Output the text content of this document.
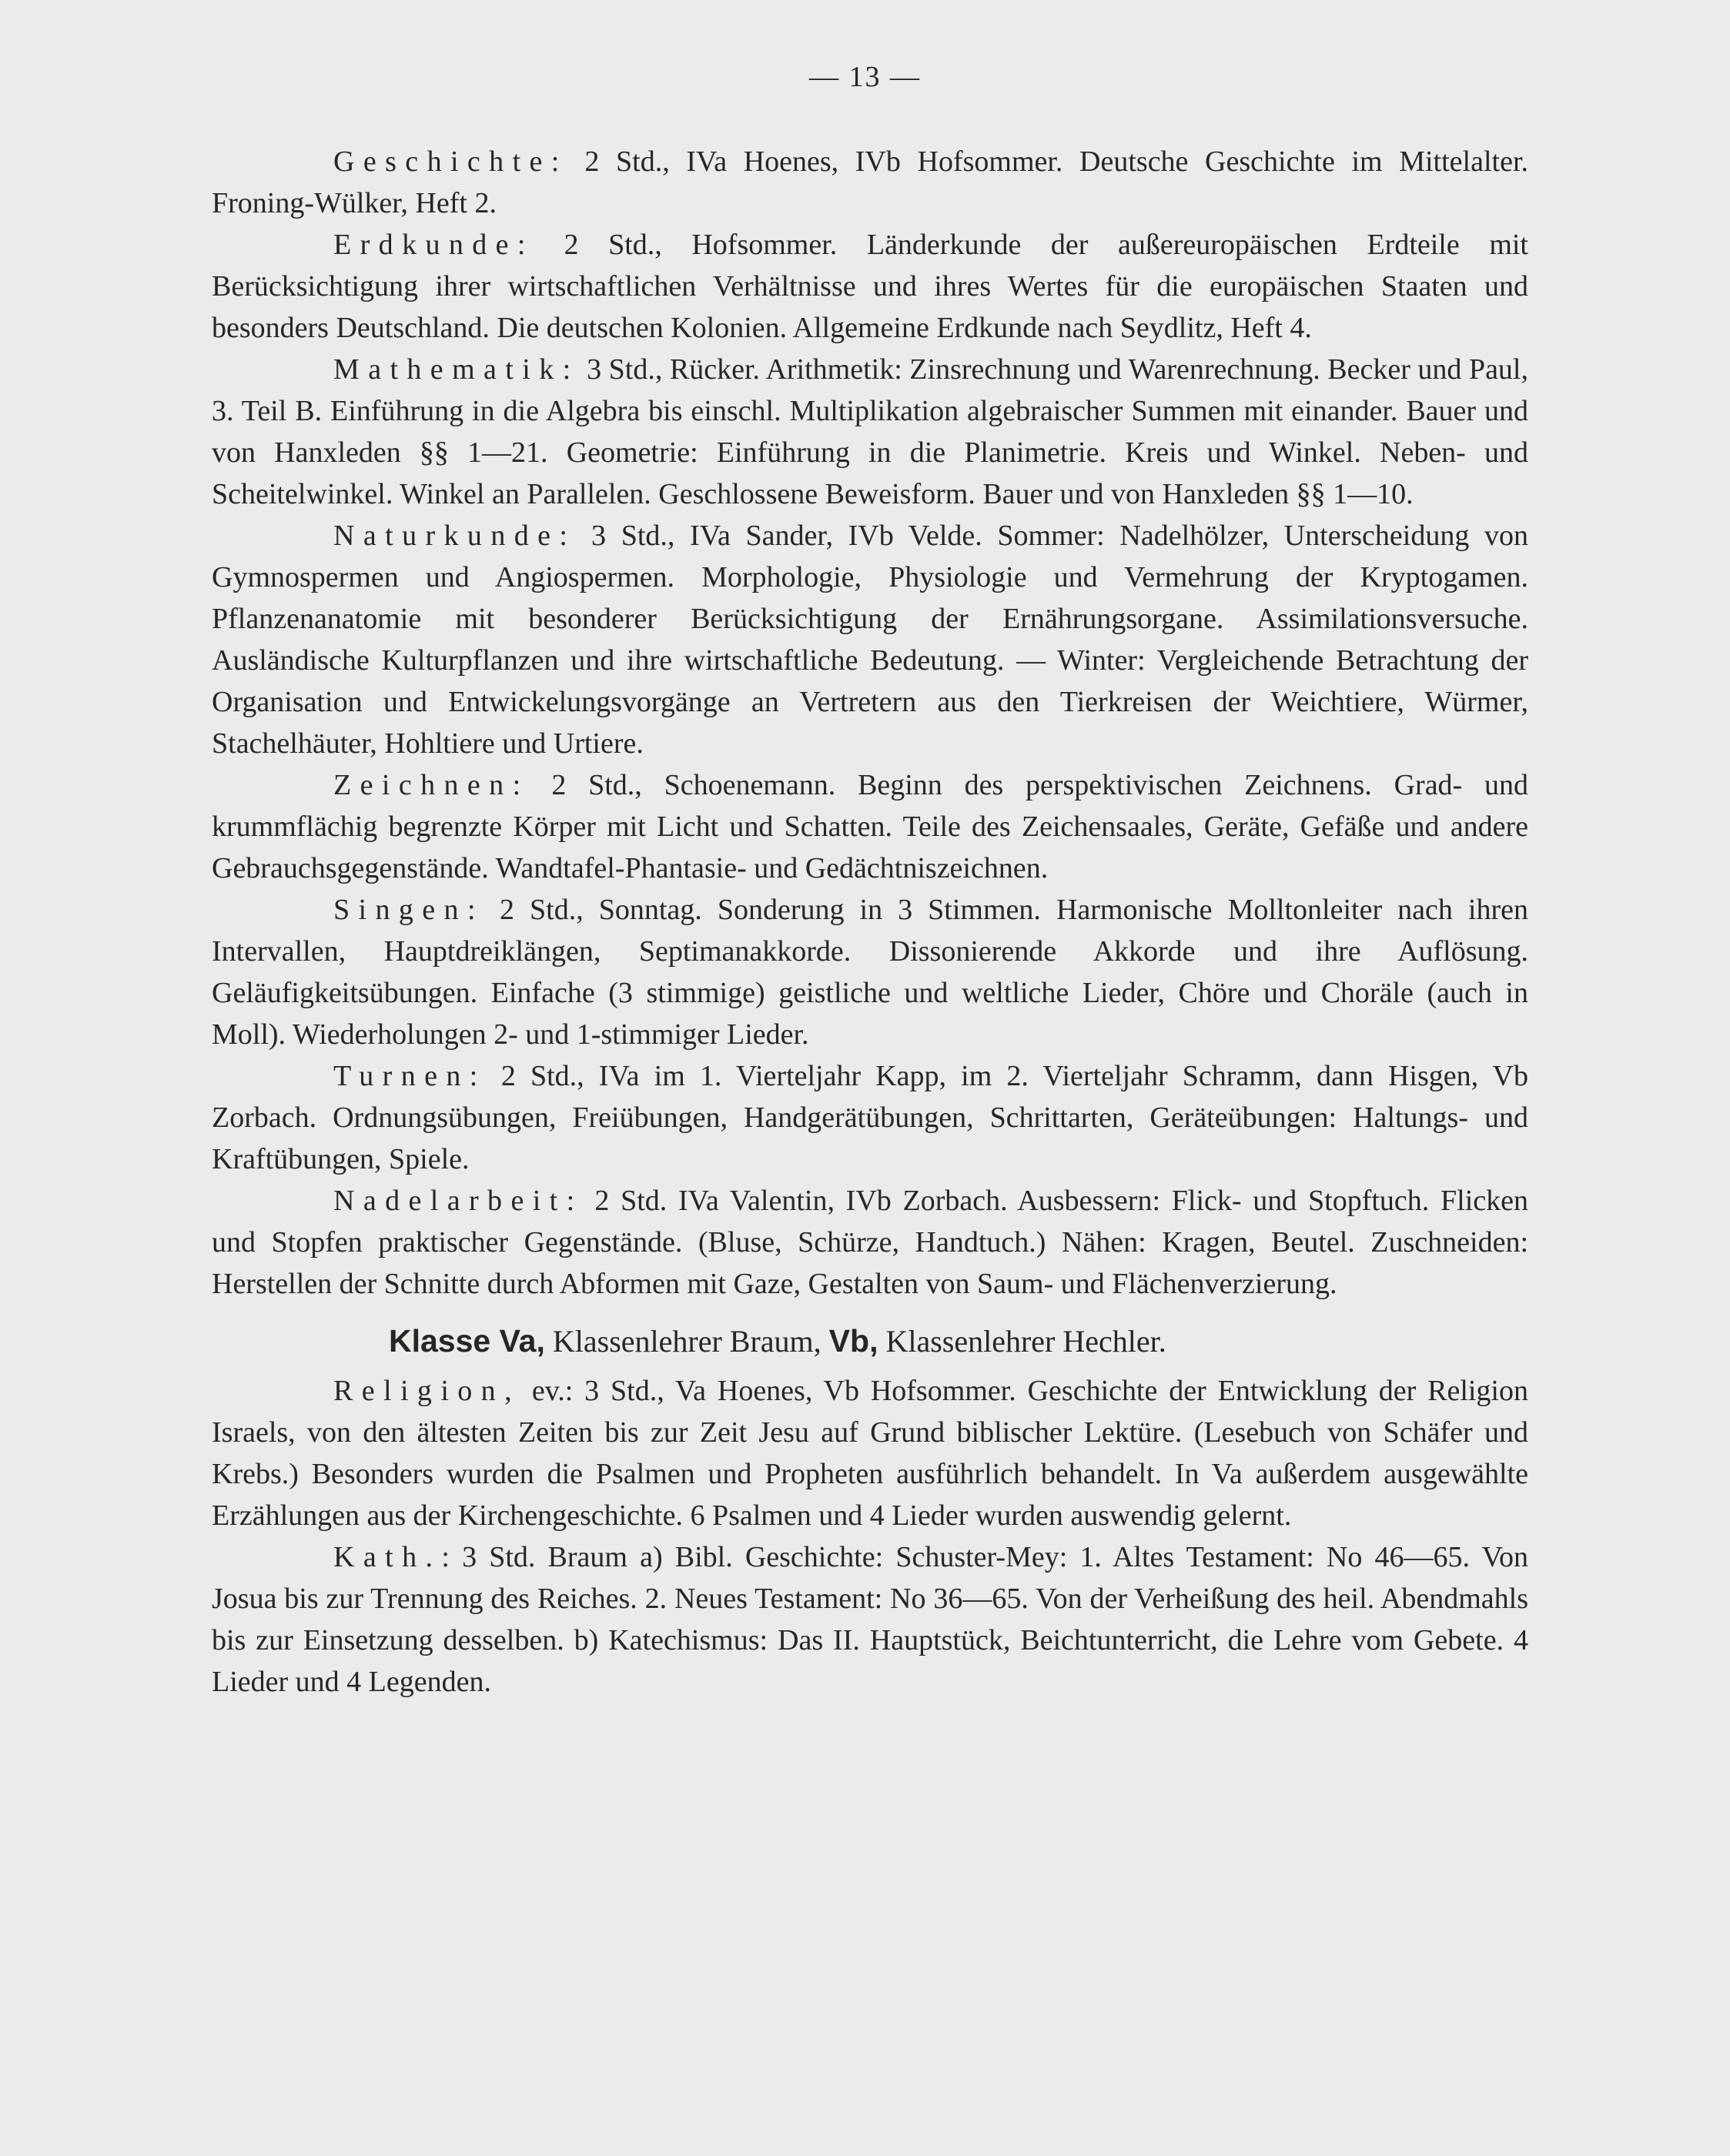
— 13 —

Geschichte: 2 Std., IVa Hoenes, IVb Hofsommer. Deutsche Geschichte im Mittelalter. Froning-Wülker, Heft 2.

Erdkunde: 2 Std., Hofsommer. Länderkunde der außereuropäischen Erdteile mit Berücksichtigung ihrer wirtschaftlichen Verhältnisse und ihres Wertes für die europäischen Staaten und besonders Deutschland. Die deutschen Kolonien. Allgemeine Erdkunde nach Seydlitz, Heft 4.

Mathematik: 3 Std., Rücker. Arithmetik: Zinsrechnung und Warenrechnung. Becker und Paul, 3. Teil B. Einführung in die Algebra bis einschl. Multiplikation algebraischer Summen mit einander. Bauer und von Hanxleden §§ 1—21. Geometrie: Einführung in die Planimetrie. Kreis und Winkel. Neben- und Scheitelwinkel. Winkel an Parallelen. Geschlossene Beweisform. Bauer und von Hanxleden §§ 1—10.

Naturkunde: 3 Std., IVa Sander, IVb Velde. Sommer: Nadelhölzer, Unterscheidung von Gymnospermen und Angiospermen. Morphologie, Physiologie und Vermehrung der Kryptogamen. Pflanzenanatomie mit besonderer Berücksichtigung der Ernährungsorgane. Assimilationsversuche. Ausländische Kulturpflanzen und ihre wirtschaftliche Bedeutung. — Winter: Vergleichende Betrachtung der Organisation und Entwickelungsvorgänge an Vertretern aus den Tierkreisen der Weichtiere, Würmer, Stachelhäuter, Hohltiere und Urtiere.

Zeichnen: 2 Std., Schoenemann. Beginn des perspektivischen Zeichnens. Grad- und krummflächig begrenzte Körper mit Licht und Schatten. Teile des Zeichensaales, Geräte, Gefäße und andere Gebrauchsgegenstände. Wandtafel-Phantasie- und Gedächtniszeichnen.

Singen: 2 Std., Sonntag. Sonderung in 3 Stimmen. Harmonische Molltonleiter nach ihren Intervallen, Hauptdreiklängen, Septimanakkorde. Dissonierende Akkorde und ihre Auflösung. Geläufigkeitsübungen. Einfache (3 stimmige) geistliche und weltliche Lieder, Chöre und Choräle (auch in Moll). Wiederholungen 2- und 1-stimmiger Lieder.

Turnen: 2 Std., IVa im 1. Vierteljahr Kapp, im 2. Vierteljahr Schramm, dann Hisgen, Vb Zorbach. Ordnungsübungen, Freiübungen, Handgerätübungen, Schrittarten, Geräteübungen: Haltungs- und Kraftübungen, Spiele.

Nadelarbeit: 2 Std. IVa Valentin, IVb Zorbach. Ausbessern: Flick- und Stopftuch. Flicken und Stopfen praktischer Gegenstände. (Bluse, Schürze, Handtuch.) Nähen: Kragen, Beutel. Zuschneiden: Herstellen der Schnitte durch Abformen mit Gaze, Gestalten von Saum- und Flächenverzierung.

Klasse Va, Klassenlehrer Braum, Vb, Klassenlehrer Hechler.

Religion, ev.: 3 Std., Va Hoenes, Vb Hofsommer. Geschichte der Entwicklung der Religion Israels, von den ältesten Zeiten bis zur Zeit Jesu auf Grund biblischer Lektüre. (Lesebuch von Schäfer und Krebs.) Besonders wurden die Psalmen und Propheten ausführlich behandelt. In Va außerdem ausgewählte Erzählungen aus der Kirchengeschichte. 6 Psalmen und 4 Lieder wurden auswendig gelernt.

Kath.: 3 Std. Braum a) Bibl. Geschichte: Schuster-Mey: 1. Altes Testament: No 46—65. Von Josua bis zur Trennung des Reiches. 2. Neues Testament: No 36—65. Von der Verheißung des heil. Abendmahls bis zur Einsetzung desselben. b) Katechismus: Das II. Hauptstück, Beichtunterricht, die Lehre vom Gebete. 4 Lieder und 4 Legenden.
